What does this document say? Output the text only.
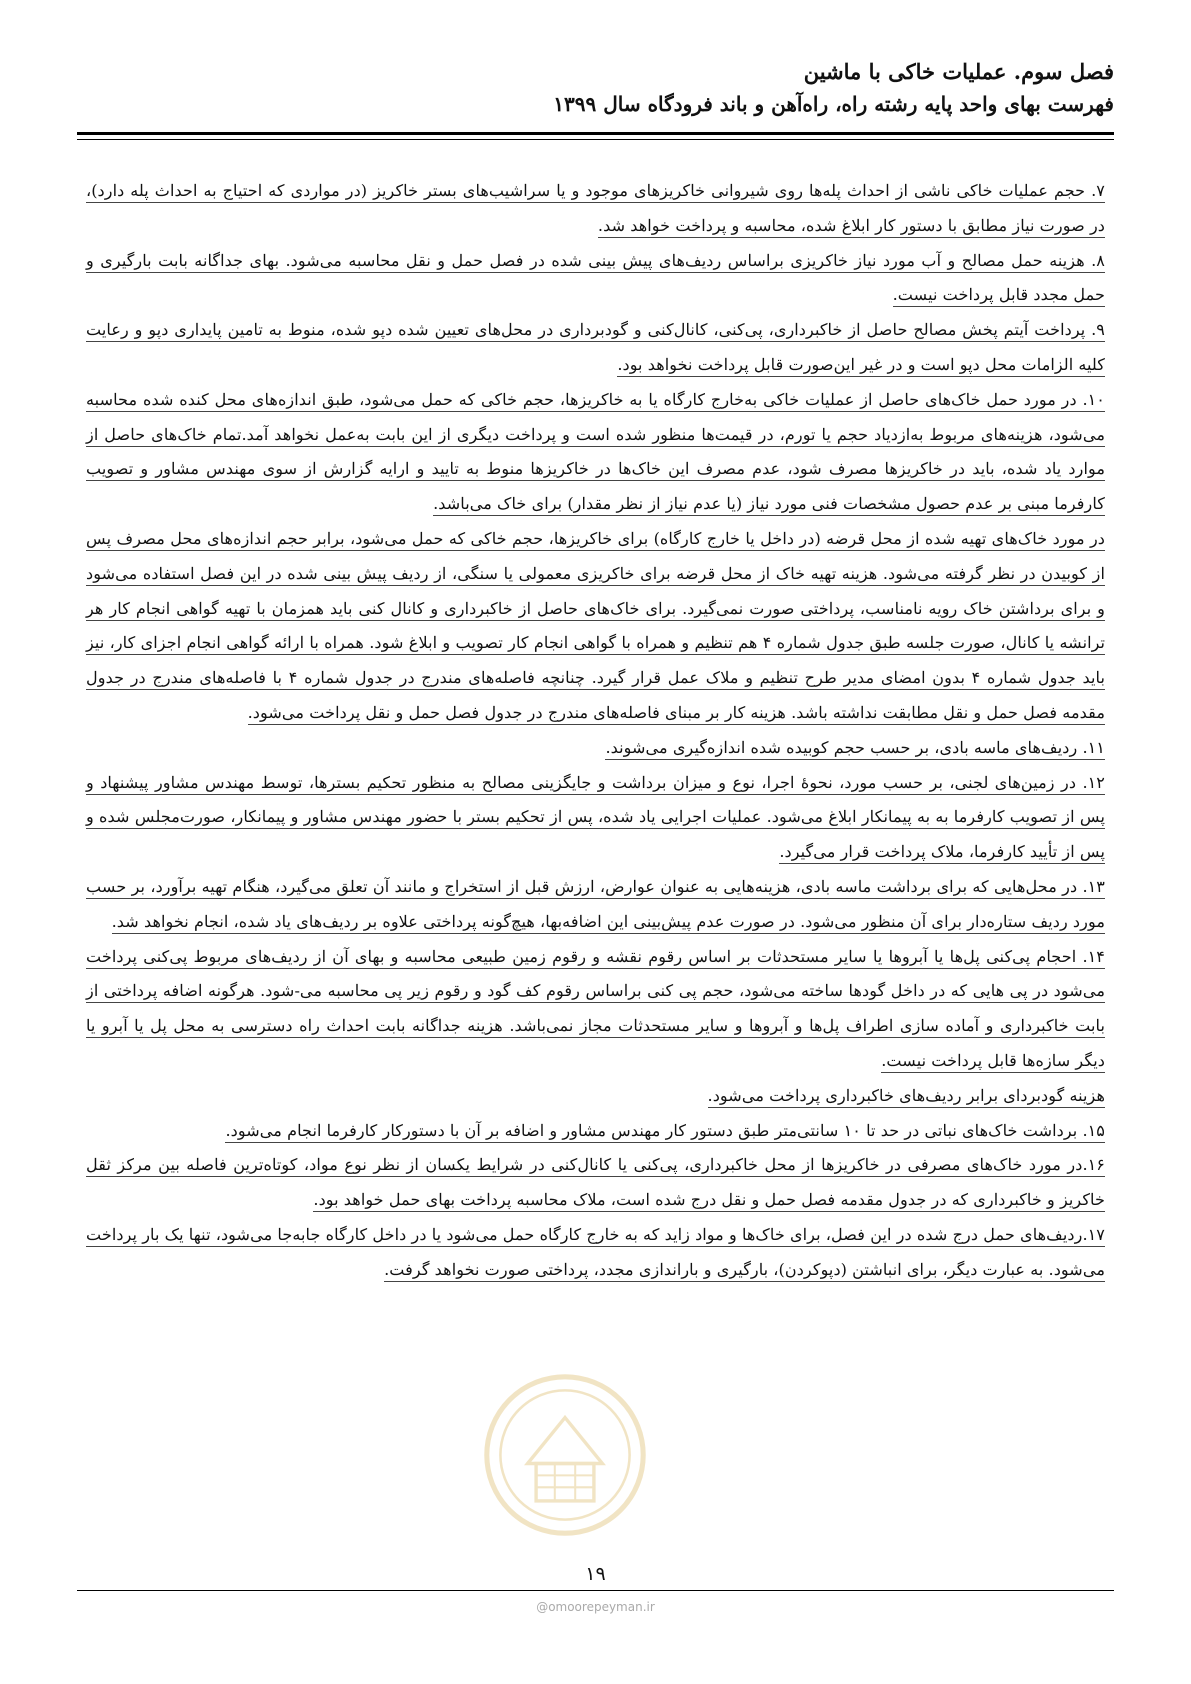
فصل سوم. عملیات خاکی با ماشین
فهرست بهای واحد پایه رشته راه، راه‌آهن و باند فرودگاه سال ۱۳۹۹

۷. حجم عملیات خاکی ناشی از احداث پله‌ها روی شیروانی خاکریزهای موجود و یا سراشیب‌های بستر خاکریز (در مواردی که احتیاج به احداث پله دارد)، در صورت نیاز مطابق با دستور کار ابلاغ شده، محاسبه و پرداخت خواهد شد.

۸. هزینه حمل مصالح و آب مورد نیاز خاکریزی براساس ردیف‌های پیش بینی شده در فصل حمل و نقل محاسبه می‌شود. بهای جداگانه بابت بارگیری و حمل مجدد قابل پرداخت نیست.

۹. پرداخت آیتم پخش مصالح حاصل از خاکبرداری، پی‌کنی، کانال‌کنی و گودبرداری در محل‌های تعیین شده دپو شده، منوط به تامین پایداری دپو و رعایت کلیه الزامات محل دپو است و در غیر این‌صورت قابل پرداخت نخواهد بود.

۱۰. در مورد حمل خاک‌های حاصل از عملیات خاکی به‌خارج کارگاه یا به خاکریزها، حجم خاکی که حمل می‌شود، طبق اندازه‌های محل کنده شده محاسبه می‌شود، هزینه‌های مربوط به‌ازدیاد حجم یا تورم، در قیمت‌ها منظور شده است و پرداخت دیگری از این بابت به‌عمل نخواهد آمد.تمام خاک‌های حاصل از موارد یاد شده، باید در خاکریزها مصرف شود، عدم مصرف این خاک‌ها در خاکریزها منوط به تایید و ارایه گزارش از سوی مهندس مشاور و تصویب کارفرما مبنی بر عدم حصول مشخصات فنی مورد نیاز (یا عدم نیاز از نظر مقدار) برای خاک می‌باشد.

در مورد خاک‌های تهیه شده از محل قرضه (در داخل یا خارج کارگاه) برای خاکریزها، حجم خاکی که حمل می‌شود، برابر حجم اندازه‌های محل مصرف پس از کوبیدن در نظر گرفته می‌شود. هزینه تهیه خاک از محل قرضه برای خاکریزی معمولی یا سنگی، از ردیف پیش بینی شده در این فصل استفاده می‌شود و برای برداشتن خاک رویه نامناسب، پرداختی صورت نمی‌گیرد. برای خاک‌های حاصل از خاکبرداری و کانال کنی باید همزمان با تهیه گواهی انجام کار هر ترانشه یا کانال، صورت جلسه طبق جدول شماره ۴ هم تنظیم و همراه با گواهی انجام کار تصویب و ابلاغ شود. همراه با ارائه گواهی انجام اجزای کار، نیز باید جدول شماره ۴ بدون امضای مدیر طرح تنظیم و ملاک عمل قرار گیرد. چنانچه فاصله‌های مندرج در جدول شماره ۴ با فاصله‌های مندرج در جدول مقدمه فصل حمل و نقل مطابقت نداشته باشد. هزینه کار بر مبنای فاصله‌های مندرج در جدول فصل حمل و نقل پرداخت می‌شود.

۱۱. ردیف‌های ماسه بادی، بر حسب حجم کوبیده شده اندازه‌گیری می‌شوند.

۱۲. در زمین‌های لجنی، بر حسب مورد، نحوهٔ اجرا، نوع و میزان برداشت و جایگزینی مصالح به منظور تحکیم بسترها، توسط مهندس مشاور پیشنهاد و پس از تصویب کارفرما به به پیمانکار ابلاغ می‌شود. عملیات اجرایی یاد شده، پس از تحکیم بستر با حضور مهندس مشاور و پیمانکار، صورت‌مجلس شده و پس از تأیید کارفرما، ملاک پرداخت قرار می‌گیرد.

۱۳. در محل‌هایی که برای برداشت ماسه بادی، هزینه‌هایی به عنوان عوارض، ارزش قبل از استخراج و مانند آن تعلق می‌گیرد، هنگام تهیه برآورد، بر حسب مورد ردیف ستاره‌دار برای آن منظور می‌شود. در صورت عدم پیش‌بینی این اضافه‌بها، هیچ‌گونه پرداختی علاوه بر ردیف‌های یاد شده، انجام نخواهد شد.

۱۴. احجام پی‌کنی پل‌ها یا آبروها یا سایر مستحدثات بر اساس رقوم نقشه و رقوم زمین طبیعی محاسبه و بهای آن از ردیف‌های مربوط پی‌کنی پرداخت می‌شود در پی هایی که در داخل گودها ساخته می‌شود، حجم پی کنی براساس رقوم کف گود و رقوم زیر پی محاسبه می-شود. هرگونه اضافه پرداختی از بابت خاکبرداری و آماده سازی اطراف پل‌ها و آبروها و سایر مستحدثات مجاز نمی‌باشد. هزینه جداگانه بابت احداث راه دسترسی به محل پل یا آبرو یا دیگر سازه‌ها قابل پرداخت نیست.

هزینه گودبردای برابر ردیف‌های خاکبرداری پرداخت می‌شود.

۱۵. برداشت خاک‌های نباتی در حد تا ۱۰ سانتی‌متر طبق دستور کار مهندس مشاور و اضافه بر آن با دستورکار کارفرما انجام می‌شود.

۱۶.در مورد خاک‌های مصرفی در خاکریزها از محل خاکبرداری، پی‌کنی یا کانال‌کنی در شرایط یکسان از نظر نوع مواد، کوتاه‌ترین فاصله بین مرکز ثقل خاکریز و خاکبرداری که در جدول مقدمه فصل حمل و نقل درج شده است، ملاک محاسبه پرداخت بهای حمل خواهد بود.

۱۷.ردیف‌های حمل درج شده در این فصل، برای خاک‌ها و مواد زاید که به خارج کارگاه حمل می‌شود یا در داخل کارگاه جابه‌جا می‌شود، تنها یک بار پرداخت می‌شود. به عبارت دیگر، برای انباشتن (دپوکردن)، بارگیری و باراندازی مجدد، پرداختی صورت نخواهد گرفت.

۱۹
@omoorepeyman.ir
